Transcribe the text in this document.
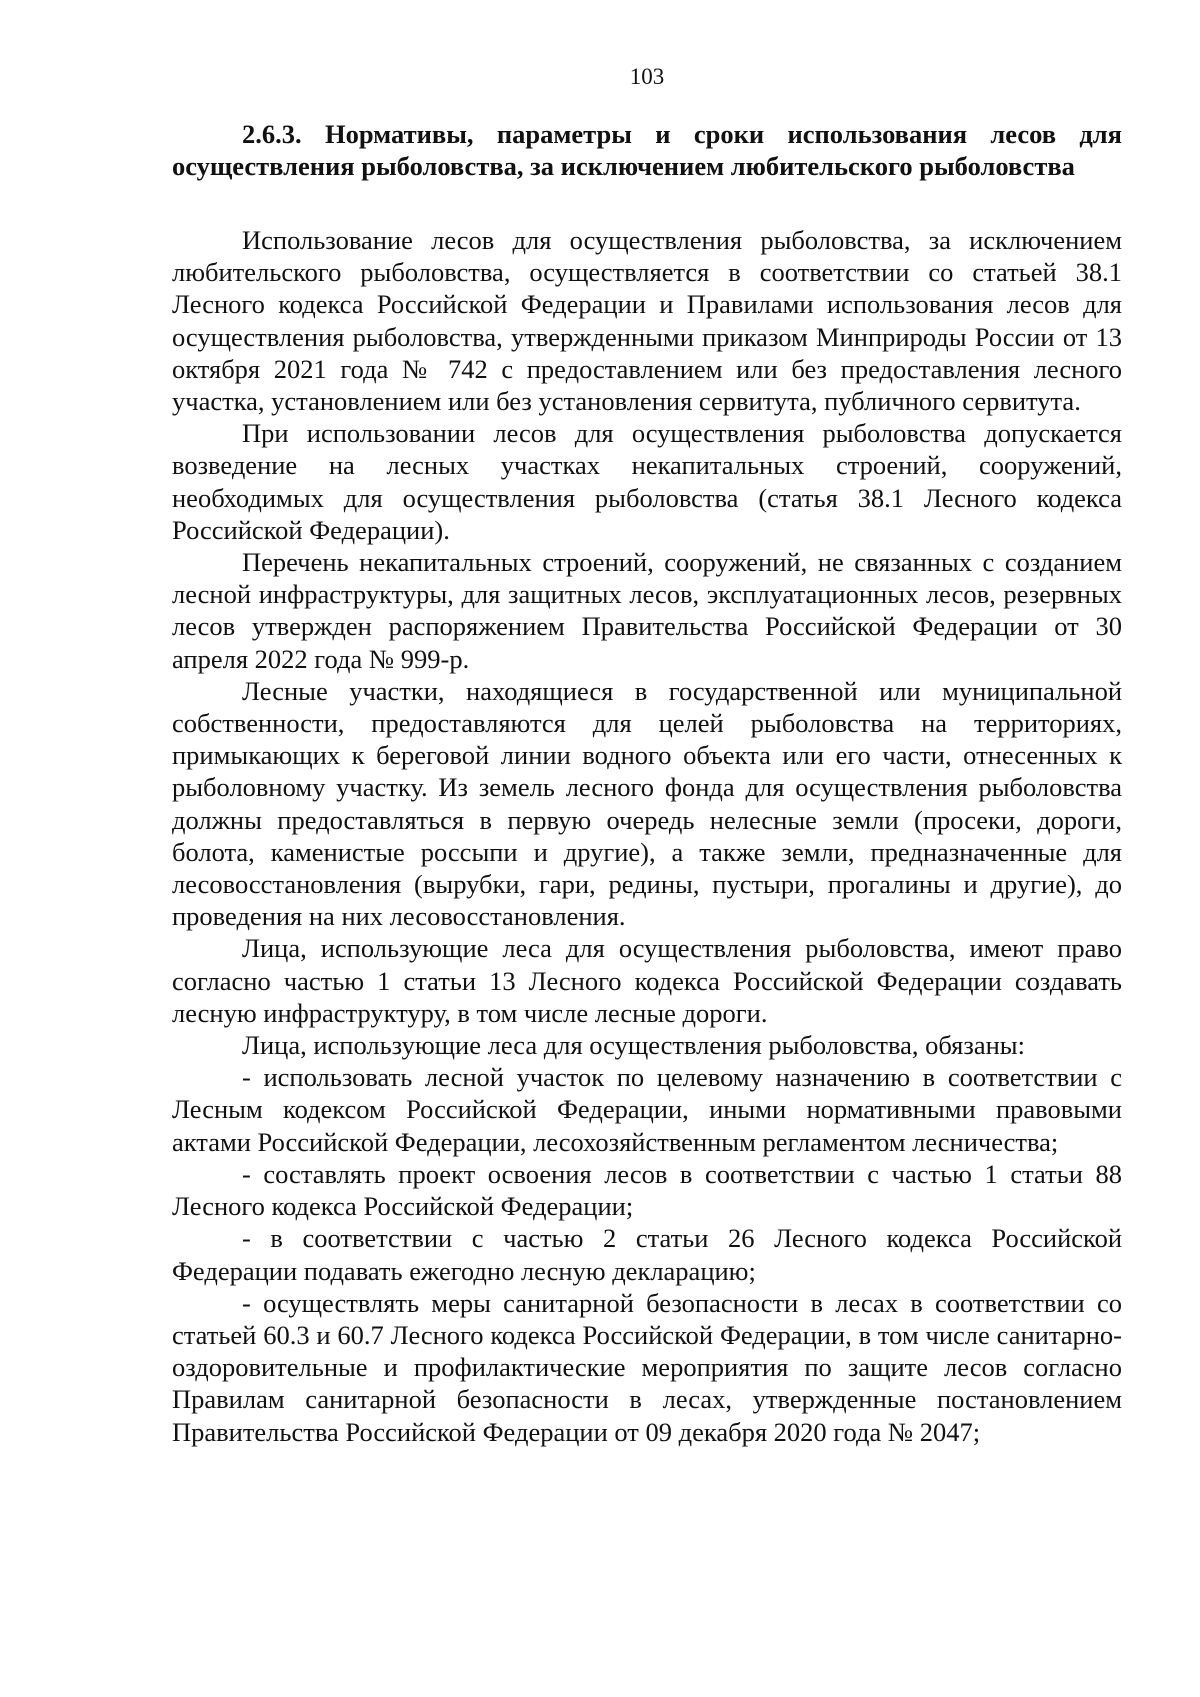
103
2.6.3. Нормативы, параметры и сроки использования лесов для осуществления рыболовства, за исключением любительского рыболовства

Использование лесов для осуществления рыболовства, за исключением любительского рыболовства, осуществляется в соответствии со статьей 38.1 Лесного кодекса Российской Федерации и Правилами использования лесов для осуществления рыболовства, утвержденными приказом Минприроды России от 13 октября 2021 года № 742 с предоставлением или без предоставления лесного участка, установлением или без установления сервитута, публичного сервитута.

При использовании лесов для осуществления рыболовства допускается возведение на лесных участках некапитальных строений, сооружений, необходимых для осуществления рыболовства (статья 38.1 Лесного кодекса Российской Федерации).

Перечень некапитальных строений, сооружений, не связанных с созданием лесной инфраструктуры, для защитных лесов, эксплуатационных лесов, резервных лесов утвержден распоряжением Правительства Российской Федерации от 30 апреля 2022 года № 999-р.

Лесные участки, находящиеся в государственной или муниципальной собственности, предоставляются для целей рыболовства на территориях, примыкающих к береговой линии водного объекта или его части, отнесенных к рыболовному участку. Из земель лесного фонда для осуществления рыболовства должны предоставляться в первую очередь нелесные земли (просеки, дороги, болота, каменистые россыпи и другие), а также земли, предназначенные для лесовосстановления (вырубки, гари, редины, пустыри, прогалины и другие), до проведения на них лесовосстановления.

Лица, использующие леса для осуществления рыболовства, имеют право согласно частью 1 статьи 13 Лесного кодекса Российской Федерации создавать лесную инфраструктуру, в том числе лесные дороги.

Лица, использующие леса для осуществления рыболовства, обязаны:

- использовать лесной участок по целевому назначению в соответствии с Лесным кодексом Российской Федерации, иными нормативными правовыми актами Российской Федерации, лесохозяйственным регламентом лесничества;

- составлять проект освоения лесов в соответствии с частью 1 статьи 88 Лесного кодекса Российской Федерации;

- в соответствии с частью 2 статьи 26 Лесного кодекса Российской Федерации подавать ежегодно лесную декларацию;

- осуществлять меры санитарной безопасности в лесах в соответствии со статьей 60.3 и 60.7 Лесного кодекса Российской Федерации, в том числе санитарно-оздоровительные и профилактические мероприятия по защите лесов согласно Правилам санитарной безопасности в лесах, утвержденные постановлением Правительства Российской Федерации от 09 декабря 2020 года № 2047;
